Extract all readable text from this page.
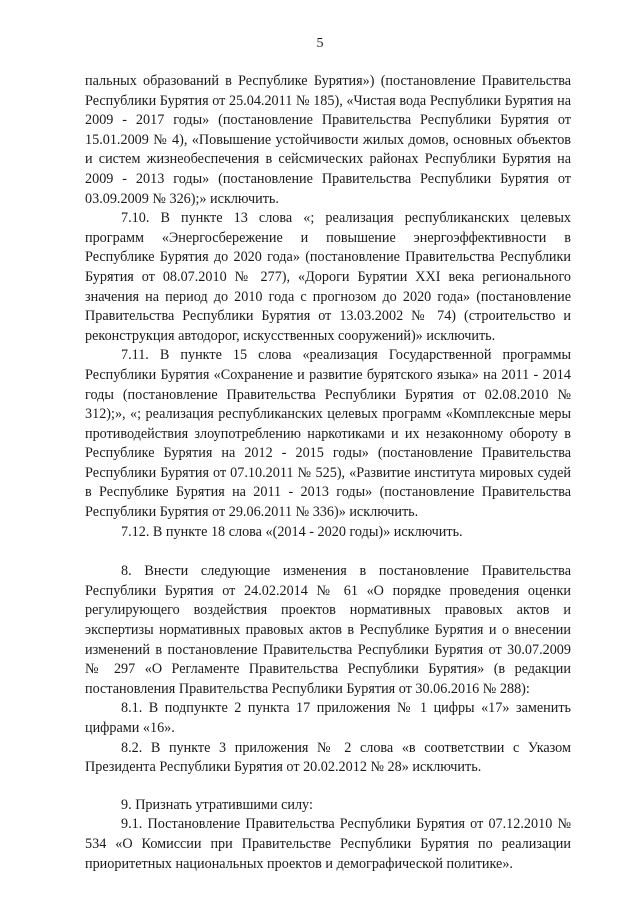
5

пальных образований в Республике Бурятия») (постановление Правительства Республики Бурятия от 25.04.2011 № 185), «Чистая вода Республики Бурятия на 2009 - 2017 годы» (постановление Правительства Республики Бурятия от 15.01.2009 № 4), «Повышение устойчивости жилых домов, основных объектов и систем жизнеобеспечения в сейсмических районах Республики Бурятия на 2009 - 2013 годы» (постановление Правительства Республики Бурятия от 03.09.2009 № 326);» исключить.

7.10. В пункте 13 слова «; реализация республиканских целевых программ «Энергосбережение и повышение энергоэффективности в Республике Бурятия до 2020 года» (постановление Правительства Республики Бурятия от 08.07.2010 № 277), «Дороги Бурятии XXI века регионального значения на период до 2010 года с прогнозом до 2020 года» (постановление Правительства Республики Бурятия от 13.03.2002 № 74) (строительство и реконструкция автодорог, искусственных сооружений)» исключить.

7.11. В пункте 15 слова «реализация Государственной программы Республики Бурятия «Сохранение и развитие бурятского языка» на 2011 - 2014 годы (постановление Правительства Республики Бурятия от 02.08.2010 № 312);», «; реализация республиканских целевых программ «Комплексные меры противодействия злоупотреблению наркотиками и их незаконному обороту в Республике Бурятия на 2012 - 2015 годы» (постановление Правительства Республики Бурятия от 07.10.2011 № 525), «Развитие института мировых судей в Республике Бурятия на 2011 - 2013 годы» (постановление Правительства Республики Бурятия от 29.06.2011 № 336)» исключить.

7.12. В пункте 18 слова «(2014 - 2020 годы)» исключить.

8. Внести следующие изменения в постановление Правительства Республики Бурятия от 24.02.2014 № 61 «О порядке проведения оценки регулирующего воздействия проектов нормативных правовых актов и экспертизы нормативных правовых актов в Республике Бурятия и о внесении изменений в постановление Правительства Республики Бурятия от 30.07.2009 № 297 «О Регламенте Правительства Республики Бурятия» (в редакции постановления Правительства Республики Бурятия от 30.06.2016 № 288):

8.1. В подпункте 2 пункта 17 приложения № 1 цифры «17» заменить цифрами «16».

8.2. В пункте 3 приложения № 2 слова «в соответствии с Указом Президента Республики Бурятия от 20.02.2012 № 28» исключить.

9. Признать утратившими силу:

9.1. Постановление Правительства Республики Бурятия от 07.12.2010 № 534 «О Комиссии при Правительстве Республики Бурятия по реализации приоритетных национальных проектов и демографической политике».
